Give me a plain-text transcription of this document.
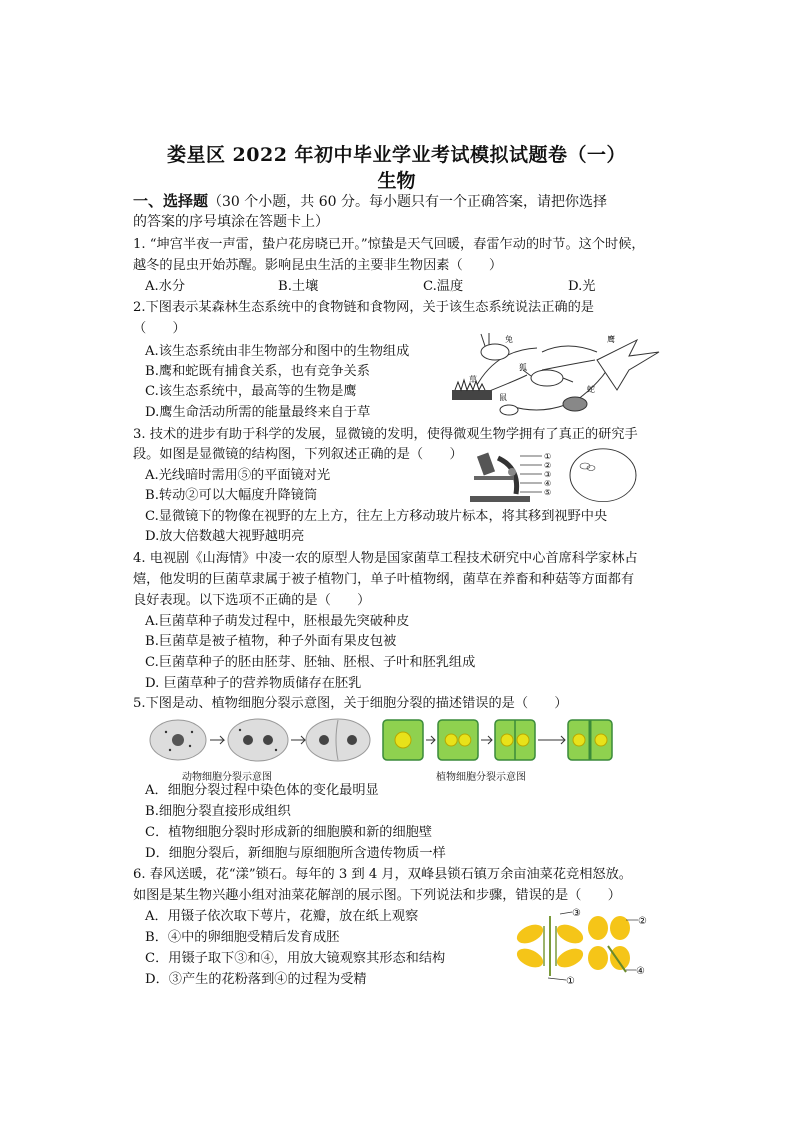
娄星区 2022 年初中毕业学业考试模拟试题卷（一）
生物
一、选择题（30 个小题，共 60 分。每小题只有一个正确答案，请把你选择
的答案的序号填涂在答题卡上）
1. “坤宫半夜一声雷，蛰户花房晓已开。”惊蛰是天气回暖，春雷乍动的时节。这个时候，
越冬的昆虫开始苏醒。影响昆虫生活的主要非生物因素（　　）
A.水分	B.土壤	C.温度	D.光
2.下图表示某森林生态系统中的食物链和食物网，关于该生态系统说法正确的是
（　　）
A.该生态系统由非生物部分和图中的生物组成
B.鹰和蛇既有捕食关系，也有竞争关系
C.该生态系统中，最高等的生物是鹰
D.鹰生命活动所需的能量最终来自于草
兔	鹰
草
狐
鼠
蛇
3. 技术的进步有助于科学的发展，显微镜的发明，使得微观生物学拥有了真正的研究手
段。如图是显微镜的结构图，下列叙述正确的是（　　）
A.光线暗时需用⑤的平面镜对光
B.转动②可以大幅度升降镜筒
C.显微镜下的物像在视野的左上方，往左上方移动玻片标本，将其移到视野中央
D.放大倍数越大视野越明亮
①
②
③
④
⑤
4. 电视剧《山海情》中凌一农的原型人物是国家菌草工程技术研究中心首席科学家林占
熺，他发明的巨菌草隶属于被子植物门，单子叶植物纲，菌草在养畜和种菇等方面都有
良好表现。以下选项不正确的是（　　）
A.巨菌草种子萌发过程中，胚根最先突破种皮
B.巨菌草是被子植物，种子外面有果皮包被
C.巨菌草种子的胚由胚芽、胚轴、胚根、子叶和胚乳组成
D. 巨菌草种子的营养物质储存在胚乳
5.下图是动、植物细胞分裂示意图，关于细胞分裂的描述错误的是（　　）
动物细胞分裂示意图	植物细胞分裂示意图
A．细胞分裂过程中染色体的变化最明显
B.细胞分裂直接形成组织
C．植物细胞分裂时形成新的细胞膜和新的细胞壁
D．细胞分裂后，新细胞与原细胞所含遗传物质一样
6. 春风送暖，花“漾”锁石。每年的 3 到 4 月，双峰县锁石镇万余亩油菜花竞相怒放。
如图是某生物兴趣小组对油菜花解剖的展示图。下列说法和步骤，错误的是（　　）
A．用镊子依次取下萼片，花瓣，放在纸上观察
B．④中的卵细胞受精后发育成胚
C．用镊子取下③和④，用放大镜观察其形态和结构
D．③产生的花粉落到④的过程为受精
③
②
④
①
